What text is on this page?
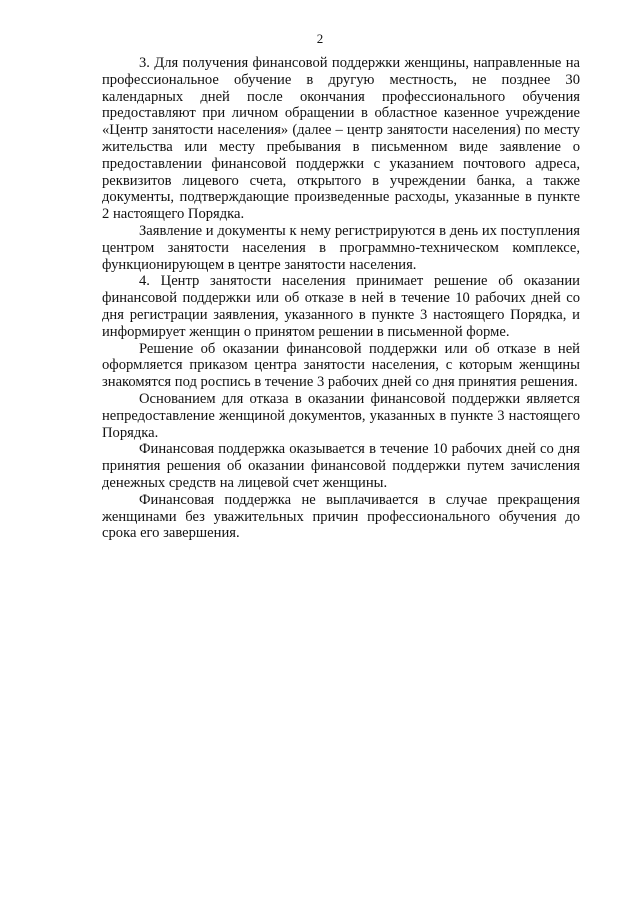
2

3. Для получения финансовой поддержки женщины, направленные на профессиональное обучение в другую местность, не позднее 30 календарных дней после окончания профессионального обучения предоставляют при личном обращении в областное казенное учреждение «Центр занятости населения» (далее – центр занятости населения) по месту жительства или месту пребывания в письменном виде заявление о предоставлении финансовой поддержки с указанием почтового адреса, реквизитов лицевого счета, открытого в учреждении банка, а также документы, подтверждающие произведенные расходы, указанные в пункте 2 настоящего Порядка.

Заявление и документы к нему регистрируются в день их поступления центром занятости населения в программно-техническом комплексе, функционирующем в центре занятости населения.

4. Центр занятости населения принимает решение об оказании финансовой поддержки или об отказе в ней в течение 10 рабочих дней со дня регистрации заявления, указанного в пункте 3 настоящего Порядка, и информирует женщин о принятом решении в письменной форме.

Решение об оказании финансовой поддержки или об отказе в ней оформляется приказом центра занятости населения, с которым женщины знакомятся под роспись в течение 3 рабочих дней со дня принятия решения.

Основанием для отказа в оказании финансовой поддержки является непредоставление женщиной документов, указанных в пункте 3 настоящего Порядка.

Финансовая поддержка оказывается в течение 10 рабочих дней со дня принятия решения об оказании финансовой поддержки путем зачисления денежных средств на лицевой счет женщины.

Финансовая поддержка не выплачивается в случае прекращения женщинами без уважительных причин профессионального обучения до срока его завершения.
